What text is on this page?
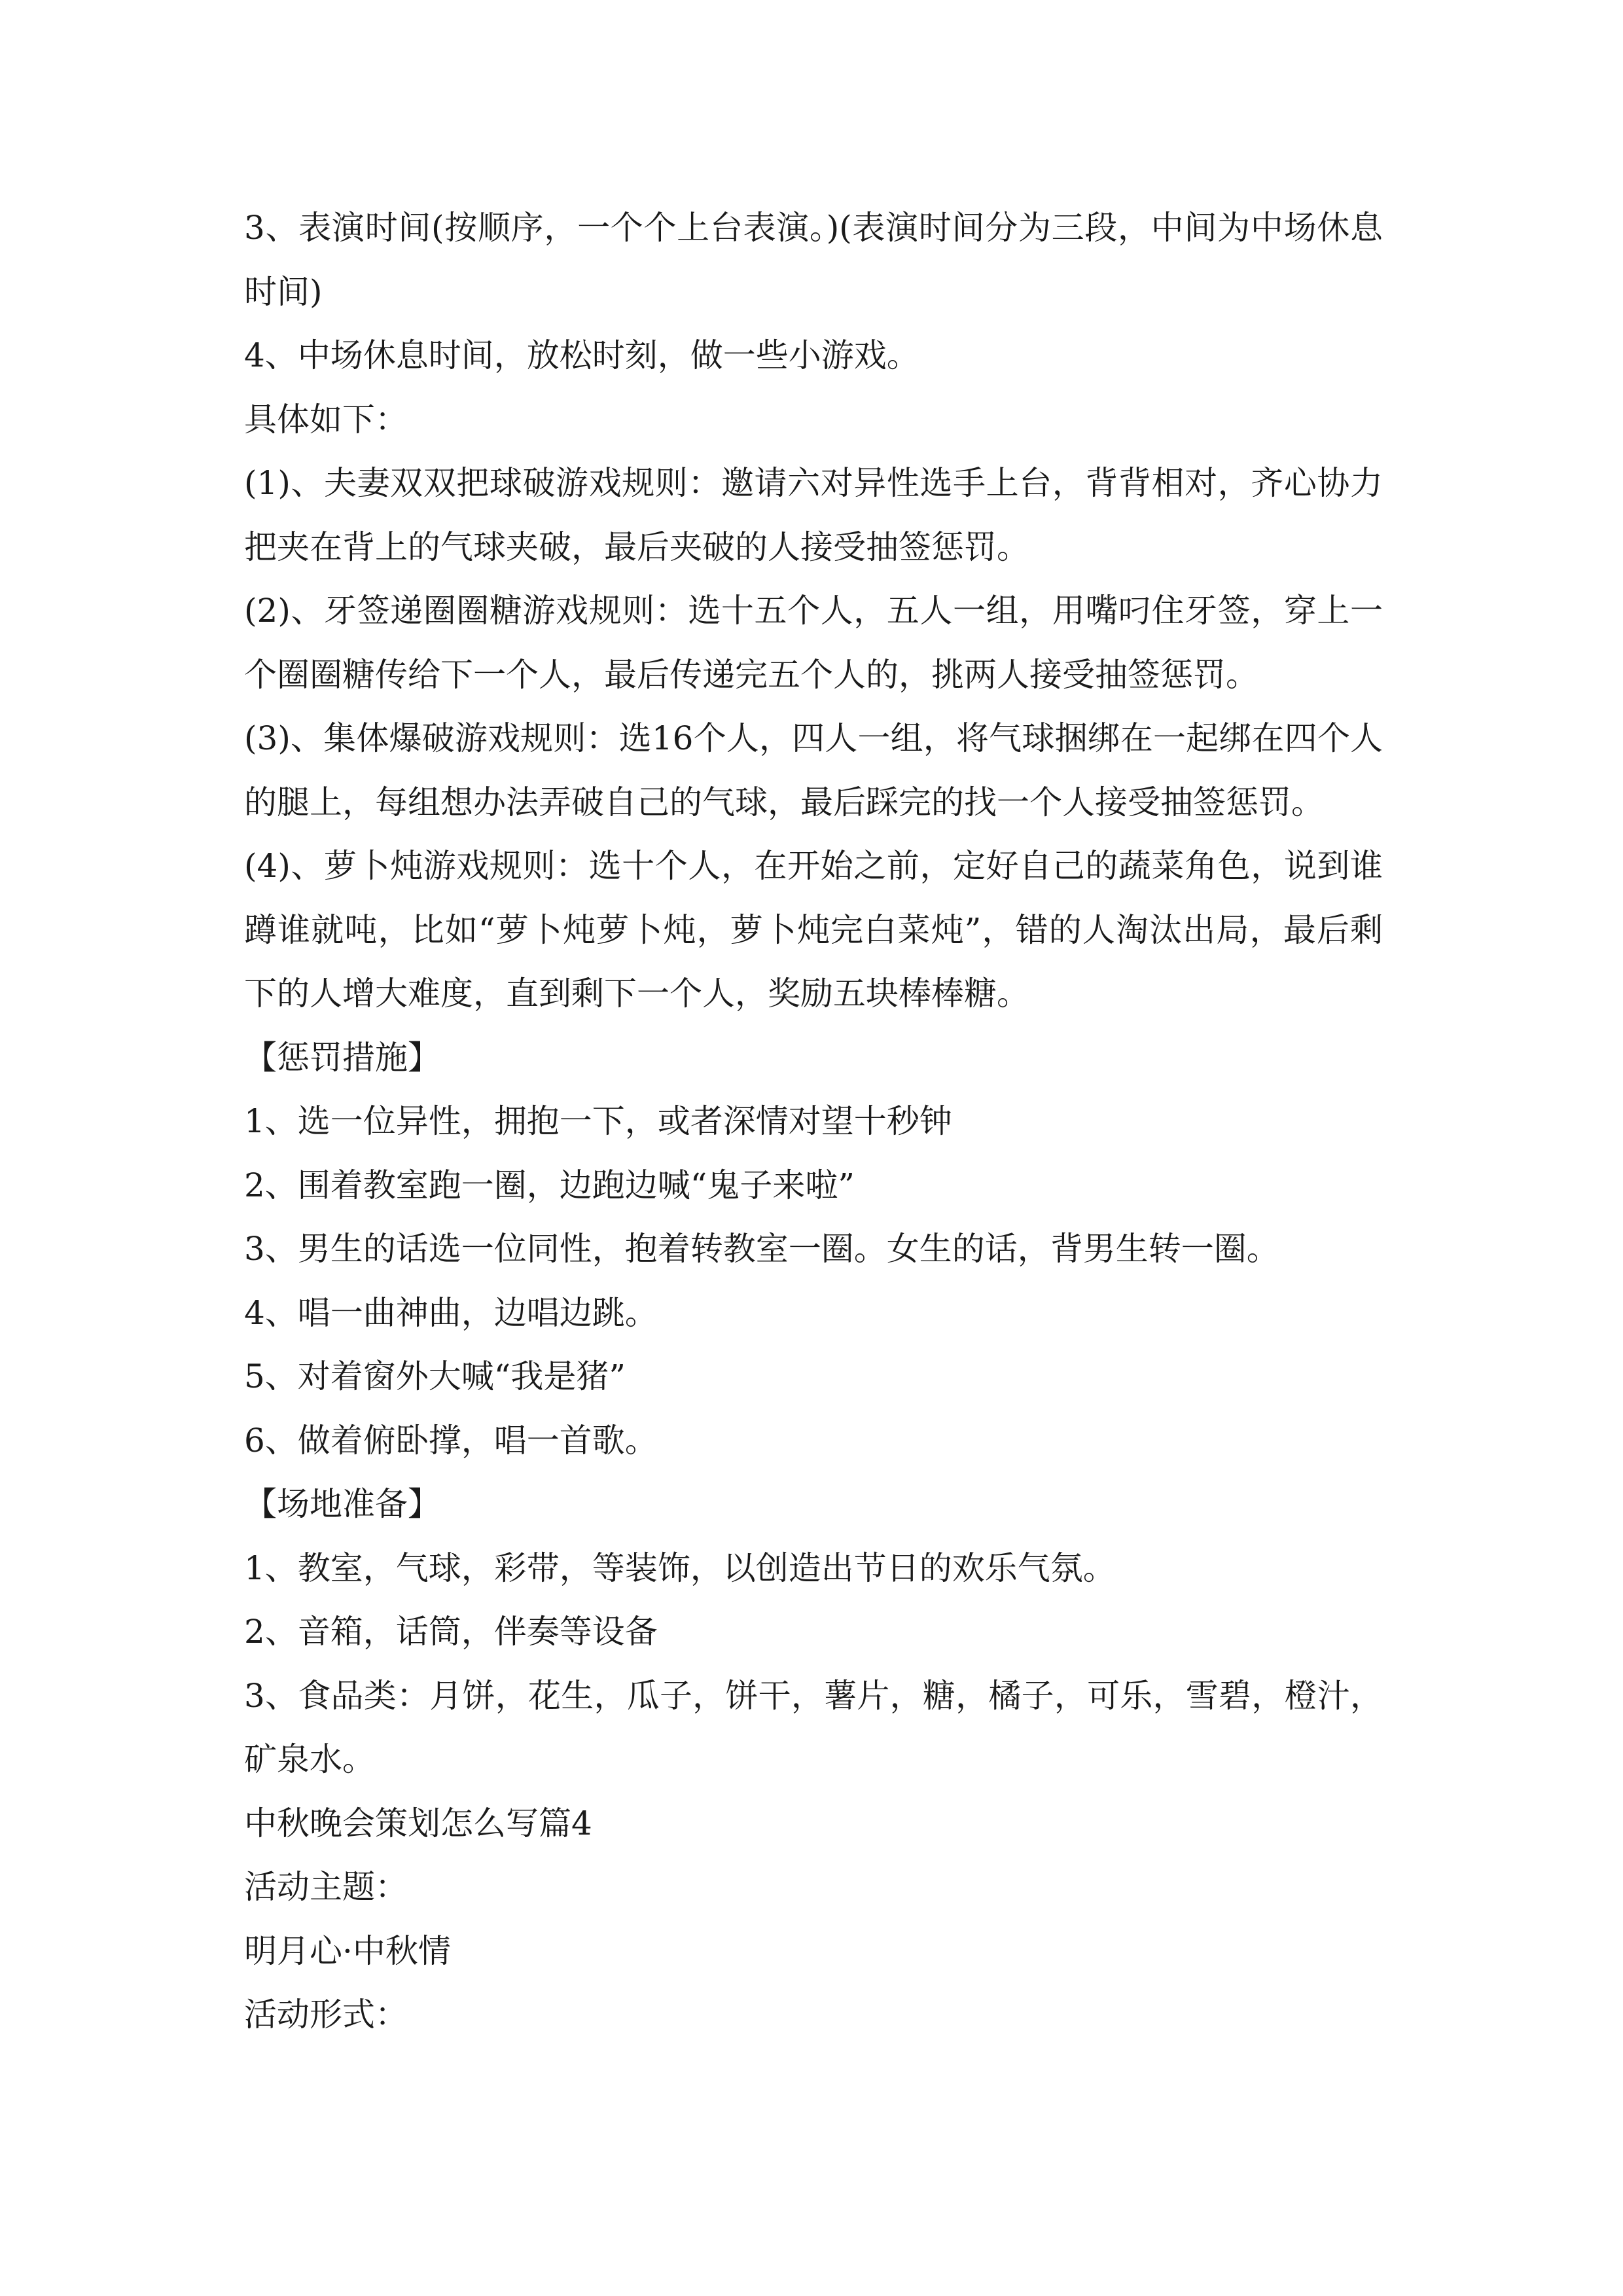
3、表演时间(按顺序，一个个上台表演。)(表演时间分为三段，中间为中场休息时间)

4、中场休息时间，放松时刻，做一些小游戏。

具体如下：

(1)、夫妻双双把球破游戏规则：邀请六对异性选手上台，背背相对，齐心协力把夹在背上的气球夹破，最后夹破的人接受抽签惩罚。

(2)、牙签递圈圈糖游戏规则：选十五个人，五人一组，用嘴叼住牙签，穿上一个圈圈糖传给下一个人，最后传递完五个人的，挑两人接受抽签惩罚。

(3)、集体爆破游戏规则：选16个人，四人一组，将气球捆绑在一起绑在四个人的腿上，每组想办法弄破自己的气球，最后踩完的找一个人接受抽签惩罚。

(4)、萝卜炖游戏规则：选十个人，在开始之前，定好自己的蔬菜角色，说到谁蹲谁就吨，比如“萝卜炖萝卜炖，萝卜炖完白菜炖”，错的人淘汰出局，最后剩下的人增大难度，直到剩下一个人，奖励五块棒棒糖。

【惩罚措施】

1、选一位异性，拥抱一下，或者深情对望十秒钟

2、围着教室跑一圈，边跑边喊“鬼子来啦”

3、男生的话选一位同性，抱着转教室一圈。女生的话，背男生转一圈。

4、唱一曲神曲，边唱边跳。

5、对着窗外大喊“我是猪”

6、做着俯卧撑，唱一首歌。

【场地准备】

1、教室，气球，彩带，等装饰，以创造出节日的欢乐气氛。

2、音箱，话筒，伴奏等设备

3、食品类：月饼，花生，瓜子，饼干，薯片，糖，橘子，可乐，雪碧，橙汁，矿泉水。

中秋晚会策划怎么写篇4

活动主题：

明月心·中秋情

活动形式：
